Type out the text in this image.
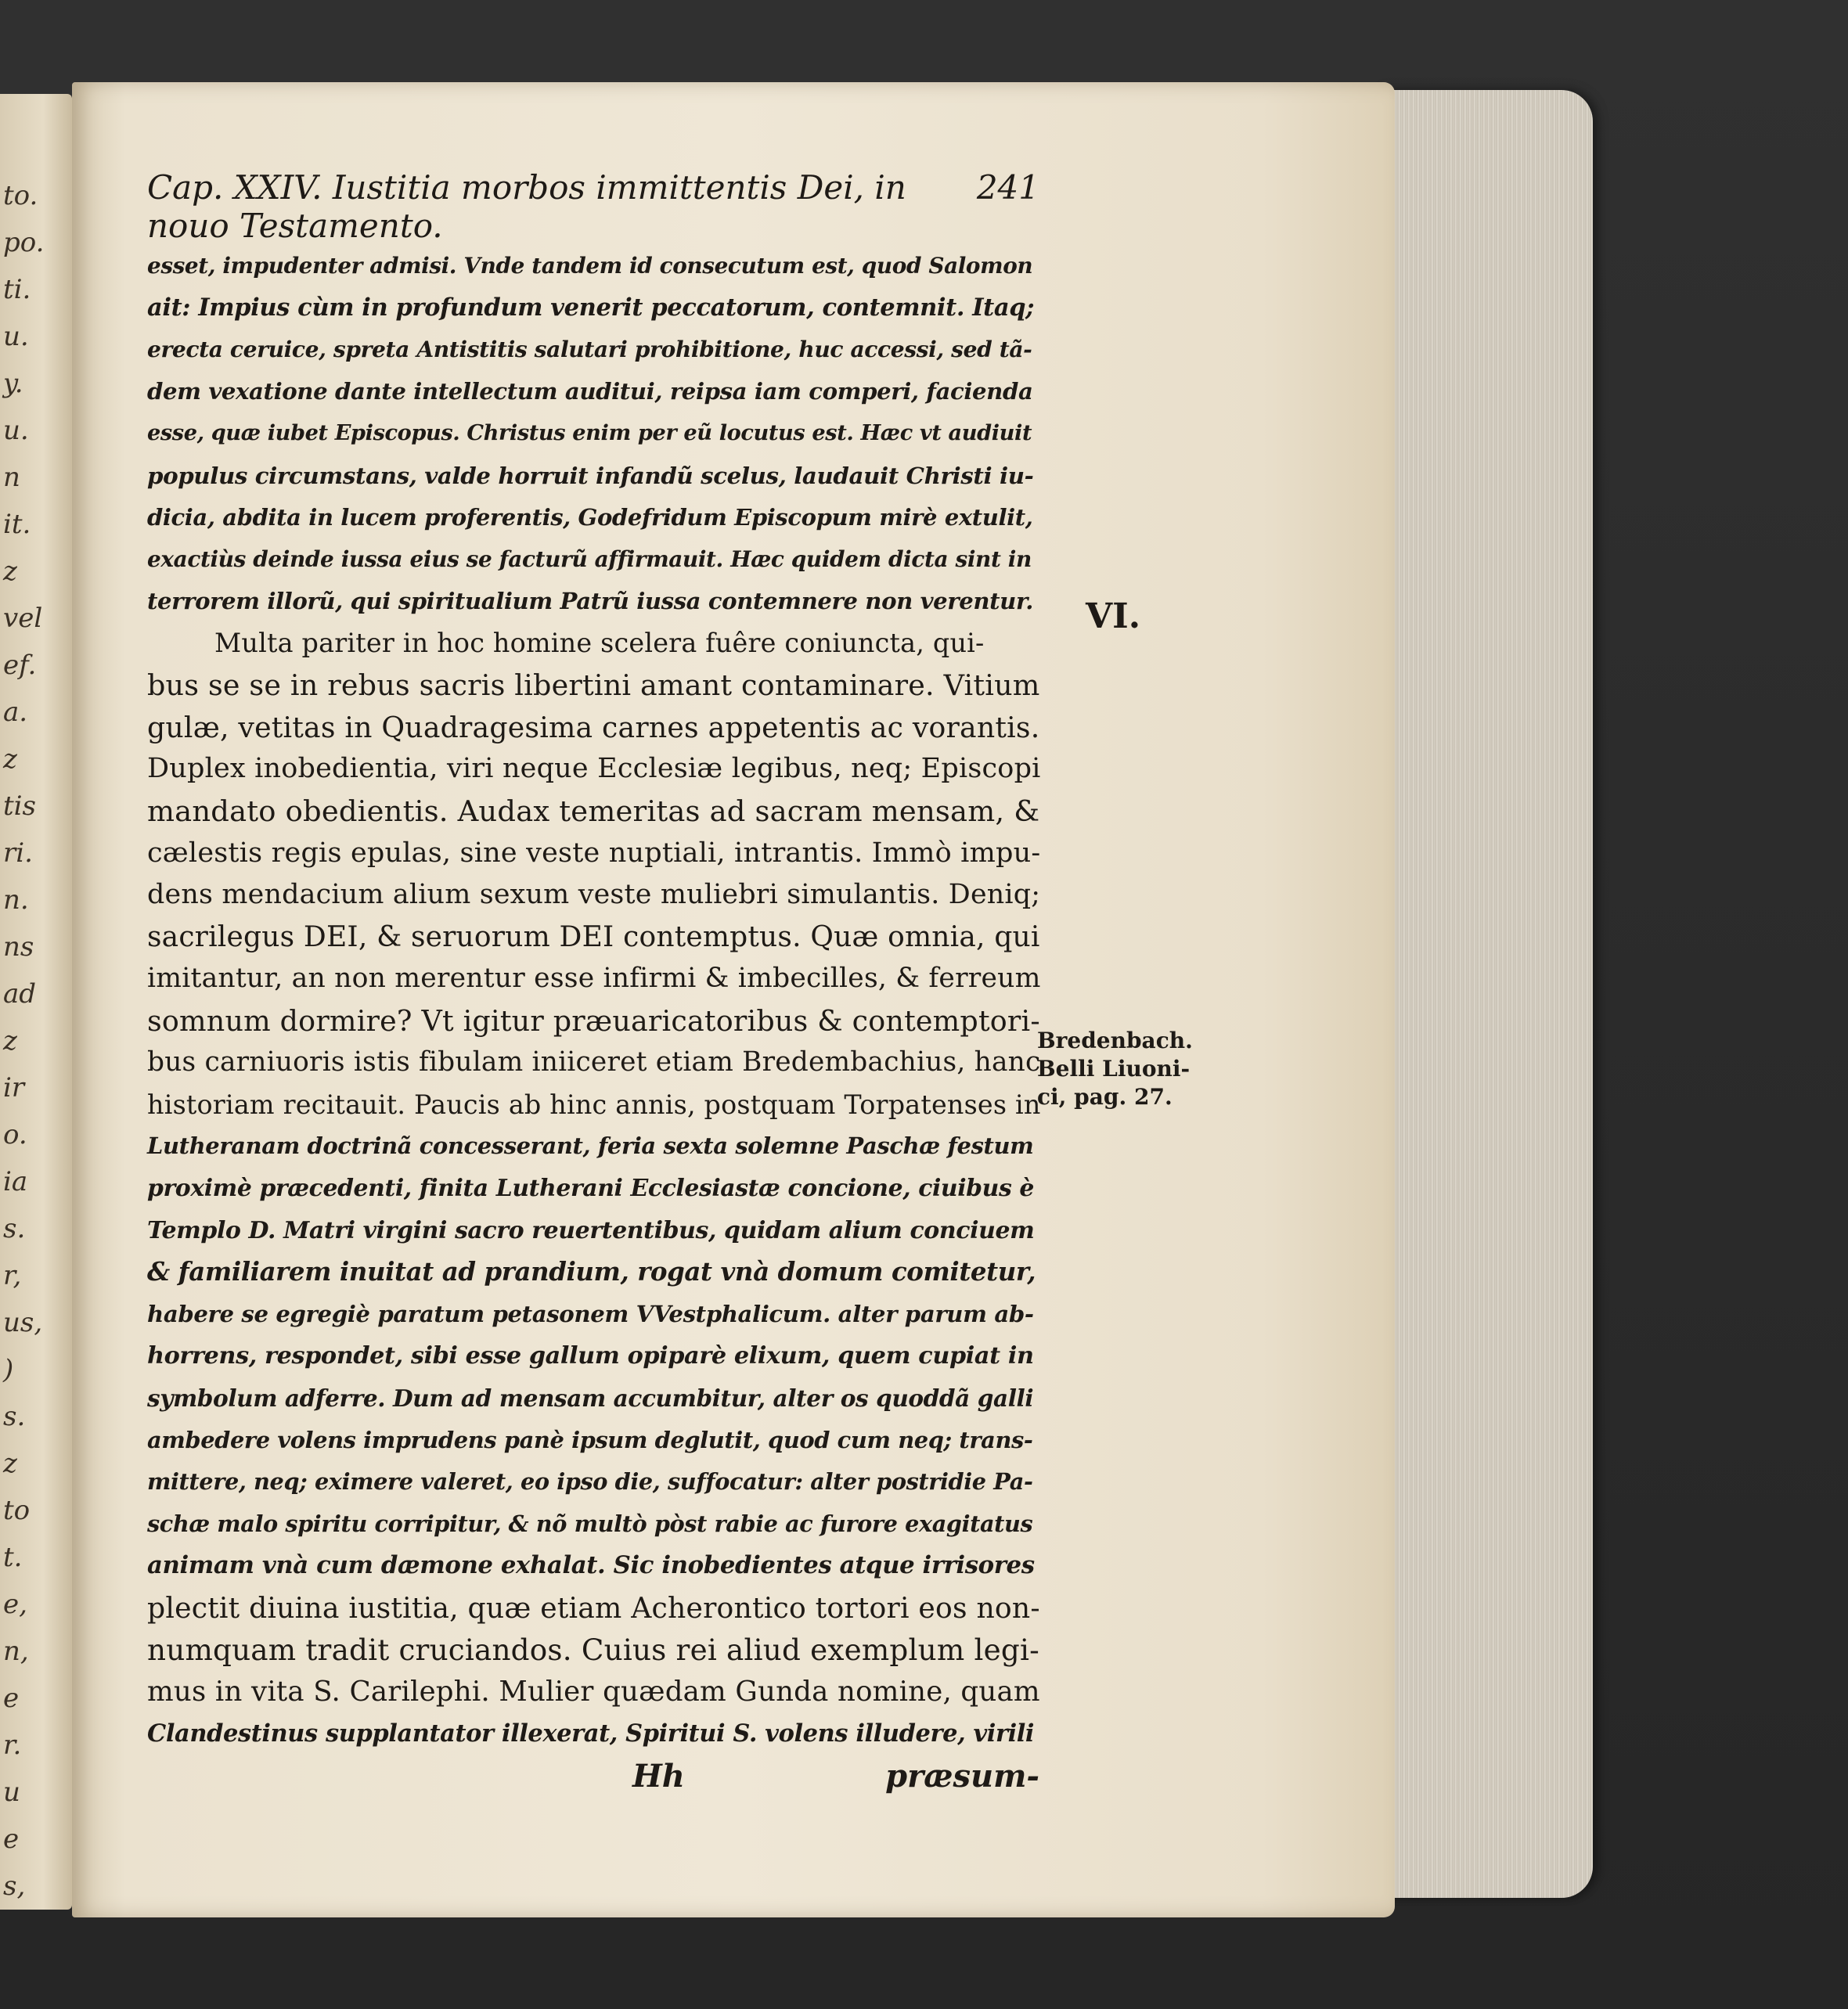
to.
po.
ti.
u.
y.
u.
n
it.
z
vel
ef.
a.
z
tis
ri.
n.
ns
ad
z
ir
o.
ia
s.
r,
us,
)
s.
z
to
t.
e,
n,
e
r.
u
e
s,
Cap. XXIV. Iustitia morbos immittentis Dei, in nouo Testamento.
241
esset, impudenter admisi. Vnde tandem id consecutum est, quod Salomon
ait: Impius cùm in profundum venerit peccatorum, contemnit. Itaq;
erecta ceruice, spreta Antistitis salutari prohibitione, huc accessi, sed tã-
dem vexatione dante intellectum auditui, reipsa iam comperi, facienda
esse, quæ iubet Episcopus. Christus enim per eũ locutus est. Hæc vt audiuit
populus circumstans, valde horruit infandũ scelus, laudauit Christi iu-
dicia, abdita in lucem proferentis, Godefridum Episcopum mirè extulit,
exactiùs deinde iussa eius se facturũ affirmauit. Hæc quidem dicta sint in
terrorem illorũ, qui spiritualium Patrũ iussa contemnere non verentur.
Multa pariter in hoc homine scelera fuêre coniuncta, qui-
bus se se in rebus sacris libertini amant contaminare. Vitium
gulæ, vetitas in Quadragesima carnes appetentis ac vorantis.
Duplex inobedientia, viri neque Ecclesiæ legibus, neq; Episcopi
mandato obedientis. Audax temeritas ad sacram mensam, &
cælestis regis epulas, sine veste nuptiali, intrantis. Immò impu-
dens mendacium alium sexum veste muliebri simulantis. Deniq;
sacrilegus DEI, & seruorum DEI contemptus. Quæ omnia, qui
imitantur, an non merentur esse infirmi & imbecilles, & ferreum
somnum dormire? Vt igitur præuaricatoribus & contemptori-
bus carniuoris istis fibulam iniiceret etiam Bredembachius, hanc
historiam recitauit. Paucis ab hinc annis, postquam Torpatenses in
Lutheranam doctrinã concesserant, feria sexta solemne Paschæ festum
proximè præcedenti, finita Lutherani Ecclesiastæ concione, ciuibus è
Templo D. Matri virgini sacro reuertentibus, quidam alium conciuem
& familiarem inuitat ad prandium, rogat vnà domum comitetur,
habere se egregiè paratum petasonem VVestphalicum. alter parum ab-
horrens, respondet, sibi esse gallum opiparè elixum, quem cupiat in
symbolum adferre. Dum ad mensam accumbitur, alter os quoddã galli
ambedere volens imprudens panè ipsum deglutit, quod cum neq; trans-
mittere, neq; eximere valeret, eo ipso die, suffocatur: alter postridie Pa-
schæ malo spiritu corripitur, & nõ multò pòst rabie ac furore exagitatus
animam vnà cum dæmone exhalat. Sic inobedientes atque irrisores
plectit diuina iustitia, quæ etiam Acherontico tortori eos non-
numquam tradit cruciandos. Cuius rei aliud exemplum legi-
mus in vita S. Carilephi. Mulier quædam Gunda nomine, quam
Clandestinus supplantator illexerat, Spiritui S. volens illudere, virili
Hh	præsum-
VI.
Bredenbach.
Belli Liuoni-
ci, pag. 27.
